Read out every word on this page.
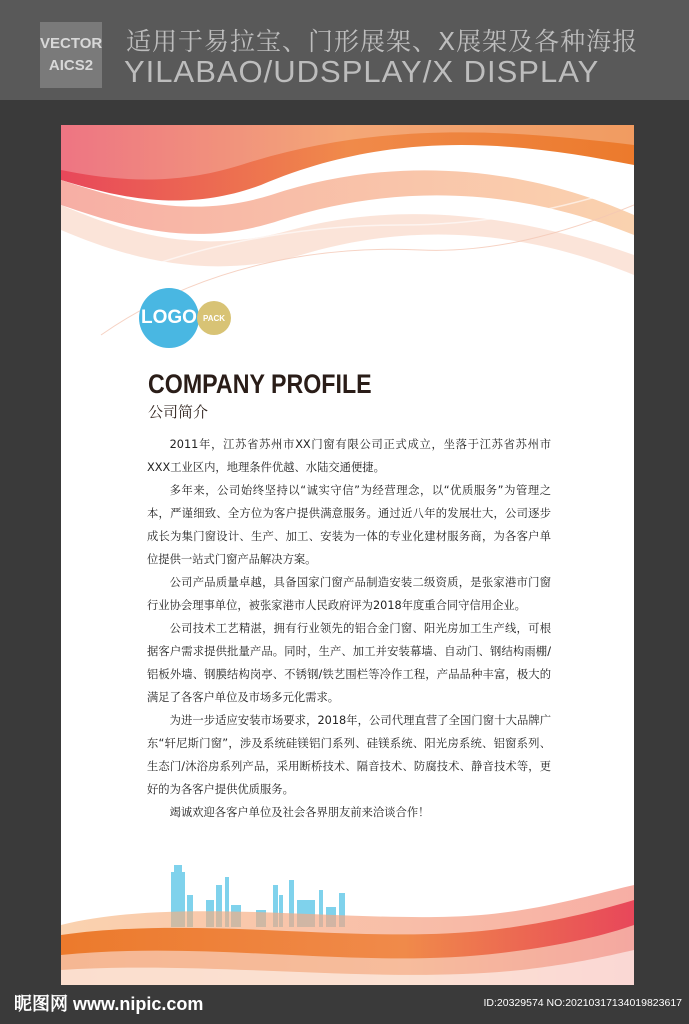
VECTOR
AICS2
适用于易拉宝、门形展架、X展架及各种海报
YILABAO/UDSPLAY/X DISPLAY
LOGO PACK
COMPANY PROFILE
公司简介

2011年，江苏省苏州市XX门窗有限公司正式成立，坐落于江苏省苏州市XXX工业区内，地理条件优越、水陆交通便捷。

多年来，公司始终坚持以“诚实守信”为经营理念，以“优质服务”为管理之本，严谨细致、全方位为客户提供满意服务。通过近八年的发展壮大，公司逐步成长为集门窗设计、生产、加工、安装为一体的专业化建材服务商，为各客户单位提供一站式门窗产品解决方案。

公司产品质量卓越，具备国家门窗产品制造安装二级资质，是张家港市门窗行业协会理事单位，被张家港市人民政府评为2018年度重合同守信用企业。

公司技术工艺精湛，拥有行业领先的铝合金门窗、阳光房加工生产线，可根据客户需求提供批量产品。同时，生产、加工并安装幕墙、自动门、钢结构雨棚/铝板外墙、钢膜结构岗亭、不锈钢/铁艺围栏等冷作工程，产品品种丰富，极大的满足了各客户单位及市场多元化需求。

为进一步适应安装市场要求，2018年，公司代理直营了全国门窗十大品牌广东“轩尼斯门窗”，涉及系统硅镁铝门系列、硅镁系统、阳光房系统、铝窗系列、生态门/沐浴房系列产品，采用断桥技术、隔音技术、防腐技术、静音技术等，更好的为各客户提供优质服务。

竭诚欢迎各客户单位及社会各界朋友前来洽谈合作！

昵图网 www.nipic.com	ID:20329574 NO:20210317134019823617
